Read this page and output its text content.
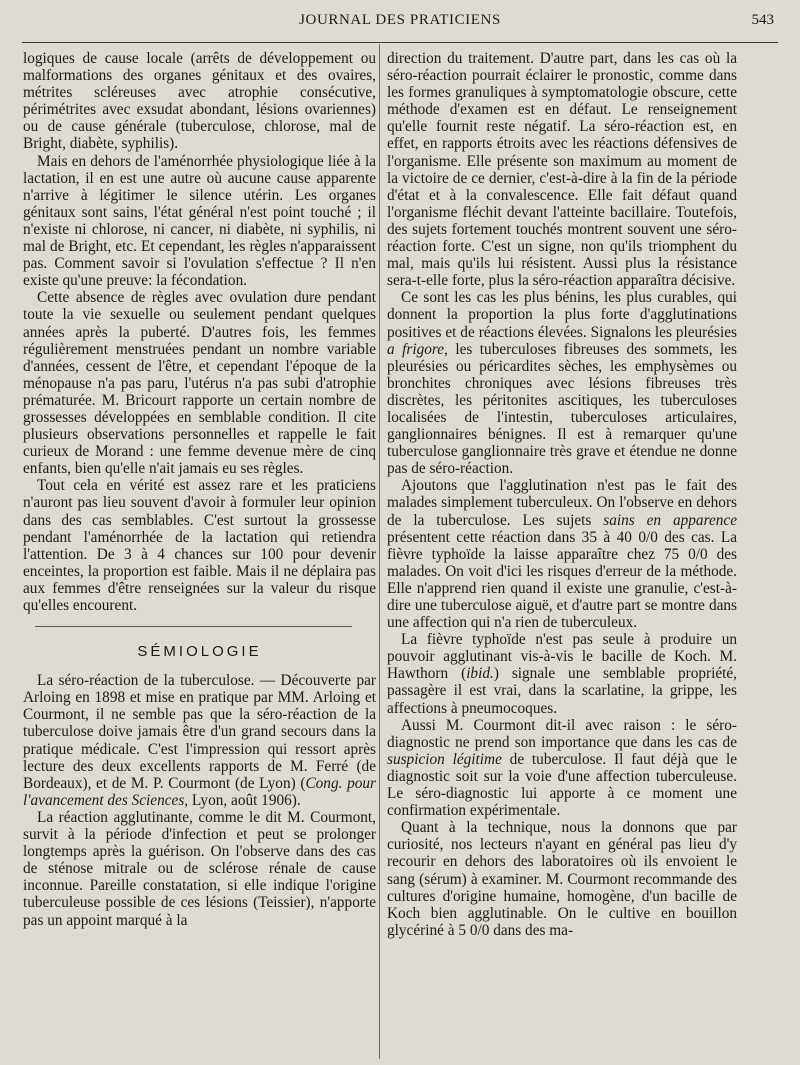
JOURNAL DES PRATICIENS	543

logiques de cause locale (arrêts de développement ou malformations des organes génitaux et des ovaires, métrites scléreuses avec atrophie consécutive, périmétrites avec exsudat abondant, lésions ovariennes) ou de cause générale (tuberculose, chlorose, mal de Bright, diabète, syphilis).

Mais en dehors de l'aménorrhée physiologique liée à la lactation, il en est une autre où aucune cause apparente n'arrive à légitimer le silence utérin. Les organes génitaux sont sains, l'état général n'est point touché ; il n'existe ni chlorose, ni cancer, ni diabète, ni syphilis, ni mal de Bright, etc. Et cependant, les règles n'apparaissent pas. Comment savoir si l'ovulation s'effectue ? Il n'en existe qu'une preuve: la fécondation.

Cette absence de règles avec ovulation dure pendant toute la vie sexuelle ou seulement pendant quelques années après la puberté. D'autres fois, les femmes régulièrement menstruées pendant un nombre variable d'années, cessent de l'être, et cependant l'époque de la ménopause n'a pas paru, l'utérus n'a pas subi d'atrophie prématurée. M. Bricourt rapporte un certain nombre de grossesses développées en semblable condition. Il cite plusieurs observations personnelles et rappelle le fait curieux de Morand : une femme devenue mère de cinq enfants, bien qu'elle n'ait jamais eu ses règles.

Tout cela en vérité est assez rare et les praticiens n'auront pas lieu souvent d'avoir à formuler leur opinion dans des cas semblables. C'est surtout la grossesse pendant l'aménorrhée de la lactation qui retiendra l'attention. De 3 à 4 chances sur 100 pour devenir enceintes, la proportion est faible. Mais il ne déplaira pas aux femmes d'être renseignées sur la valeur du risque qu'elles encourent.

SÉMIOLOGIE

La séro-réaction de la tuberculose. — Découverte par Arloing en 1898 et mise en pratique par MM. Arloing et Courmont, il ne semble pas que la séro-réaction de la tuberculose doive jamais être d'un grand secours dans la pratique médicale. C'est l'impression qui ressort après lecture des deux excellents rapports de M. Ferré (de Bordeaux), et de M. P. Courmont (de Lyon) (Cong. pour l'avancement des Sciences, Lyon, août 1906).

La réaction agglutinante, comme le dit M. Courmont, survit à la période d'infection et peut se prolonger longtemps après la guérison. On l'observe dans des cas de sténose mitrale ou de sclérose rénale de cause inconnue. Pareille constatation, si elle indique l'origine tuberculeuse possible de ces lésions (Teissier), n'apporte pas un appoint marqué à la

direction du traitement. D'autre part, dans les cas où la séro-réaction pourrait éclairer le pronostic, comme dans les formes granuliques à symptomatologie obscure, cette méthode d'examen est en défaut. Le renseignement qu'elle fournit reste négatif. La séro-réaction est, en effet, en rapports étroits avec les réactions défensives de l'organisme. Elle présente son maximum au moment de la victoire de ce dernier, c'est-à-dire à la fin de la période d'état et à la convalescence. Elle fait défaut quand l'organisme fléchit devant l'atteinte bacillaire. Toutefois, des sujets fortement touchés montrent souvent une séro-réaction forte. C'est un signe, non qu'ils triomphent du mal, mais qu'ils lui résistent. Aussi plus la résistance sera-t-elle forte, plus la séro-réaction apparaîtra décisive.

Ce sont les cas les plus bénins, les plus curables, qui donnent la proportion la plus forte d'agglutinations positives et de réactions élevées. Signalons les pleurésies a frigore, les tuberculoses fibreuses des sommets, les pleurésies ou péricardites sèches, les emphysèmes ou bronchites chroniques avec lésions fibreuses très discrètes, les péritonites ascitiques, les tuberculoses localisées de l'intestin, tuberculoses articulaires, ganglionnaires bénignes. Il est à remarquer qu'une tuberculose ganglionnaire très grave et étendue ne donne pas de séro-réaction.

Ajoutons que l'agglutination n'est pas le fait des malades simplement tuberculeux. On l'observe en dehors de la tuberculose. Les sujets sains en apparence présentent cette réaction dans 35 à 40 0/0 des cas. La fièvre typhoïde la laisse apparaître chez 75 0/0 des malades. On voit d'ici les risques d'erreur de la méthode. Elle n'apprend rien quand il existe une granulie, c'est-à-dire une tuberculose aiguë, et d'autre part se montre dans une affection qui n'a rien de tuberculeux.

La fièvre typhoïde n'est pas seule à produire un pouvoir agglutinant vis-à-vis le bacille de Koch. M. Hawthorn (ibid.) signale une semblable propriété, passagère il est vrai, dans la scarlatine, la grippe, les affections à pneumocoques.

Aussi M. Courmont dit-il avec raison : le séro-diagnostic ne prend son importance que dans les cas de suspicion légitime de tuberculose. Il faut déjà que le diagnostic soit sur la voie d'une affection tuberculeuse. Le séro-diagnostic lui apporte à ce moment une confirmation expérimentale.

Quant à la technique, nous la donnons que par curiosité, nos lecteurs n'ayant en général pas lieu d'y recourir en dehors des laboratoires où ils envoient le sang (sérum) à examiner. M. Courmont recommande des cultures d'origine humaine, homogène, d'un bacille de Koch bien agglutinable. On le cultive en bouillon glycériné à 5 0/0 dans des ma-
